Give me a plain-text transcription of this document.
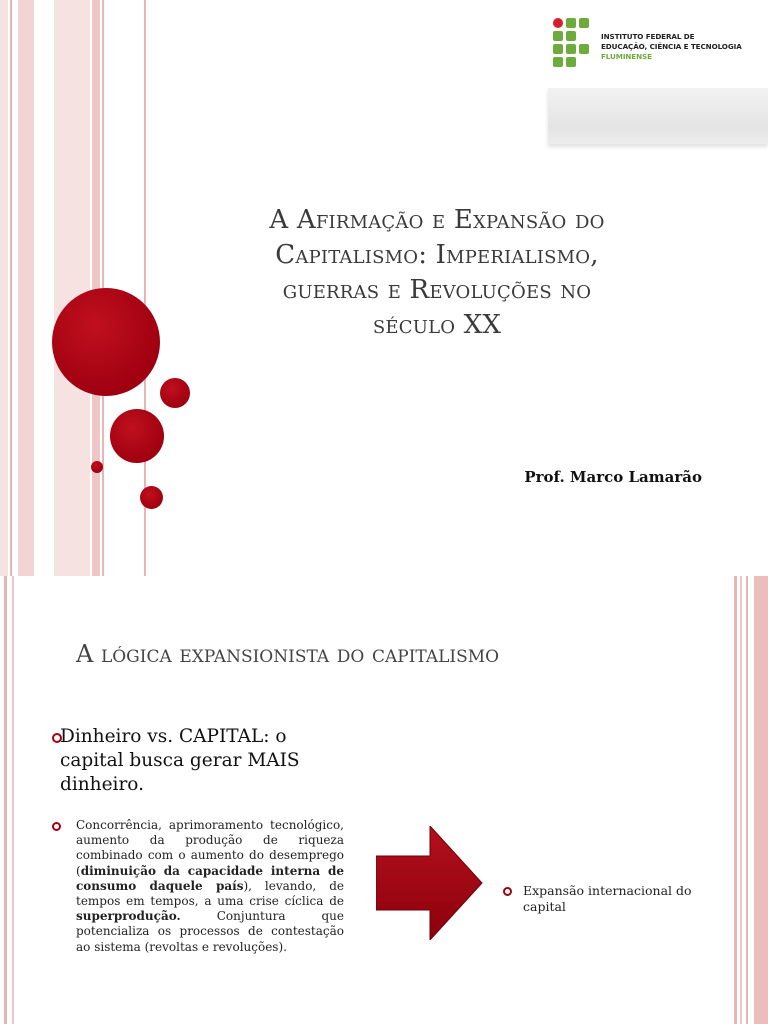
INSTITUTO FEDERAL DE
EDUCAÇÃO, CIÊNCIA E TECNOLOGIA
FLUMINENSE
A Afirmação e Expansão do
Capitalismo: Imperialismo,
guerras e Revoluções no
século XX
Prof. Marco Lamarão
A lógica expansionista do capitalismo
Dinheiro vs. CAPITAL: o capital busca gerar MAIS dinheiro.
Concorrência, aprimoramento tecnológico, aumento da produção de riqueza combinado com o aumento do desemprego (diminuição da capacidade interna de consumo daquele país), levando, de tempos em tempos, a uma crise cíclica de superprodução. Conjuntura que potencializa os processos de contestação ao sistema (revoltas e revoluções).
Expansão internacional do capital
